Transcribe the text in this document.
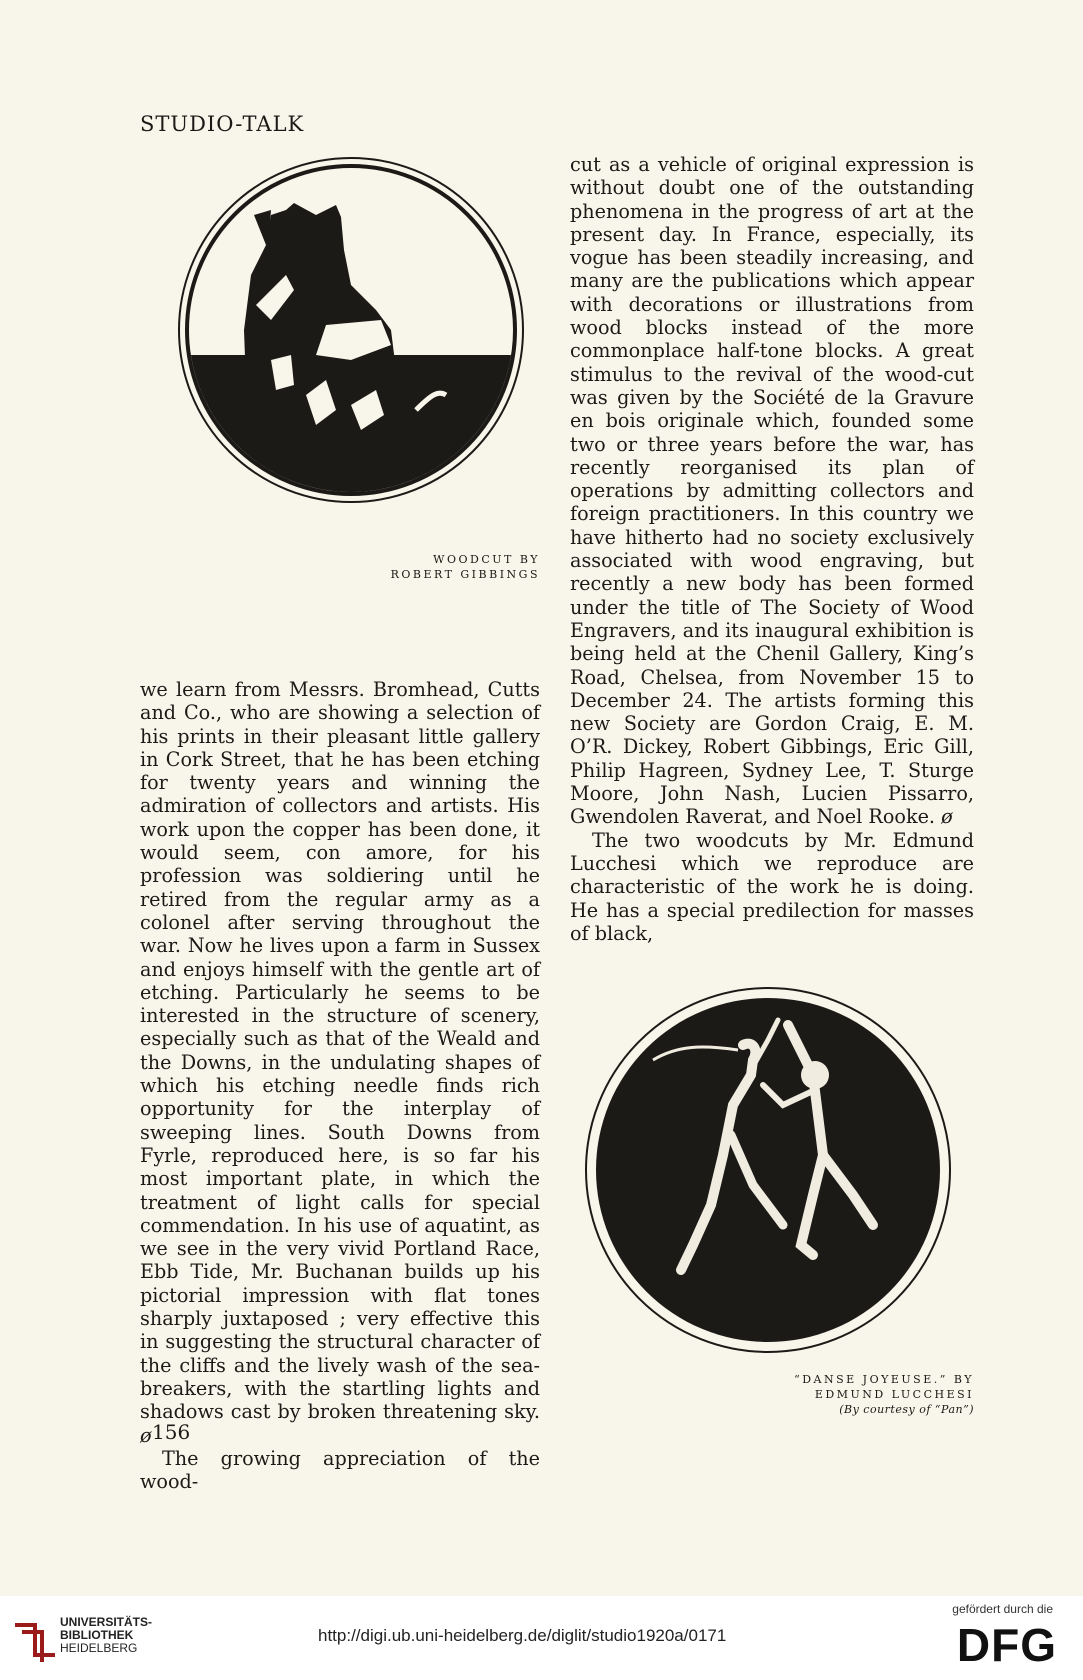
STUDIO-TALK
WOODCUT BY
ROBERT GIBBINGS

we learn from Messrs. Bromhead, Cutts and Co., who are showing a selection of his prints in their pleasant little gallery in Cork Street, that he has been etching for twenty years and winning the admiration of collectors and artists. His work upon the copper has been done, it would seem, con amore, for his profession was soldiering until he retired from the regular army as a colonel after serving throughout the war. Now he lives upon a farm in Sussex and enjoys himself with the gentle art of etching. Particularly he seems to be interested in the structure of scenery, especially such as that of the Weald and the Downs, in the undulating shapes of which his etching needle finds rich opportunity for the interplay of sweeping lines. South Downs from Fyrle, reproduced here, is so far his most important plate, in which the treatment of light calls for special commendation. In his use of aquatint, as we see in the very vivid Portland Race, Ebb Tide, Mr. Buchanan builds up his pictorial impression with flat tones sharply juxtaposed ; very effective this in suggesting the structural character of the cliffs and the lively wash of the sea-breakers, with the startling lights and shadows cast by broken threatening sky. ø

The growing appreciation of the wood-

cut as a vehicle of original expression is without doubt one of the outstanding phenomena in the progress of art at the present day. In France, especially, its vogue has been steadily increasing, and many are the publications which appear with decorations or illustrations from wood blocks instead of the more commonplace half-tone blocks. A great stimulus to the revival of the wood-cut was given by the Société de la Gravure en bois originale which, founded some two or three years before the war, has recently reorganised its plan of operations by admitting collectors and foreign practitioners. In this country we have hitherto had no society exclusively associated with wood engraving, but recently a new body has been formed under the title of The Society of Wood Engravers, and its inaugural exhibition is being held at the Chenil Gallery, King’s Road, Chelsea, from November 15 to December 24. The artists forming this new Society are Gordon Craig, E. M. O’R. Dickey, Robert Gibbings, Eric Gill, Philip Hagreen, Sydney Lee, T. Sturge Moore, John Nash, Lucien Pissarro, Gwendolen Raverat, and Noel Rooke. ø

The two woodcuts by Mr. Edmund Lucchesi which we reproduce are characteristic of the work he is doing. He has a special predilection for masses of black,

“DANSE JOYEUSE.” BY
EDMUND LUCCHESI
(By courtesy of “Pan”)
156
UNIVERSITÄTS-
BIBLIOTHEK
HEIDELBERG
http://digi.ub.uni-heidelberg.de/diglit/studio1920a/0171
gefördert durch die
DFG
